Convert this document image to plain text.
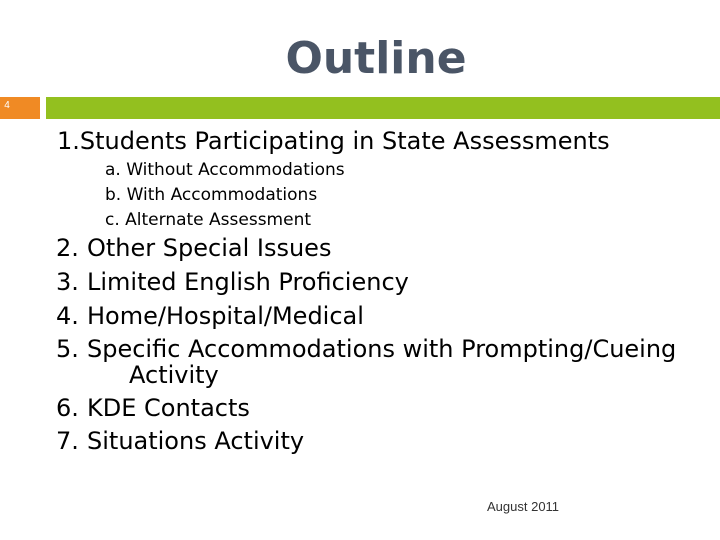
Outline
4
1.Students Participating in State Assessments
a. Without Accommodations
b. With Accommodations
c. Alternate Assessment
2. Other Special Issues
3. Limited English Proficiency
4. Home/Hospital/Medical
5. Specific Accommodations with Prompting/Cueing
Activity
6. KDE Contacts
7. Situations Activity
August 2011
